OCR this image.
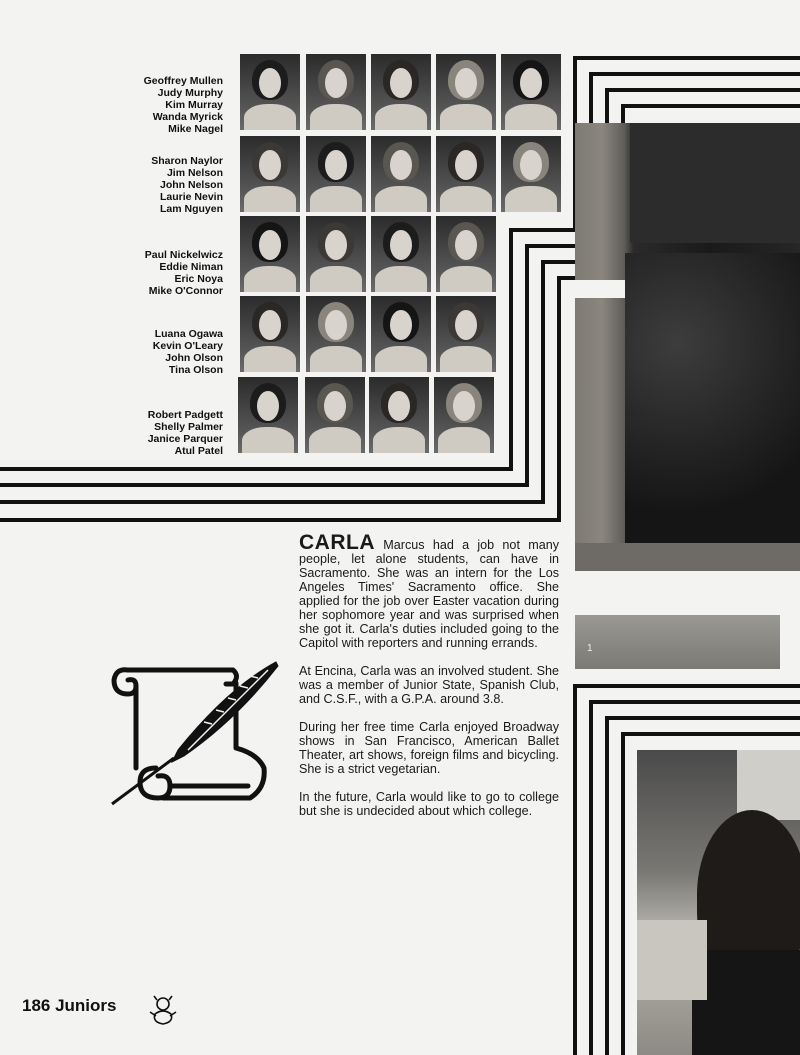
Geoffrey Mullen
Judy Murphy
Kim Murray
Wanda Myrick
Mike Nagel
Sharon Naylor
Jim Nelson
John Nelson
Laurie Nevin
Lam Nguyen
Paul Nickelwicz
Eddie Niman
Eric Noya
Mike O'Connor
Luana Ogawa
Kevin O'Leary
John Olson
Tina Olson
Robert Padgett
Shelly Palmer
Janice Parquer
Atul Patel
1

CARLA Marcus had a job not many people, let alone students, can have in Sacramento. She was an intern for the Los Angeles Times' Sacramento office. She applied for the job over Easter vacation during her sophomore year and was surprised when she got it. Carla's duties included going to the Capitol with reporters and running errands.

At Encina, Carla was an involved student. She was a member of Junior State, Spanish Club, and C.S.F., with a G.P.A. around 3.8.

During her free time Carla enjoyed Broadway shows in San Francisco, American Ballet Theater, art shows, foreign films and bicycling. She is a strict vegetarian.

In the future, Carla would like to go to college but she is undecided about which college.

186 Juniors
